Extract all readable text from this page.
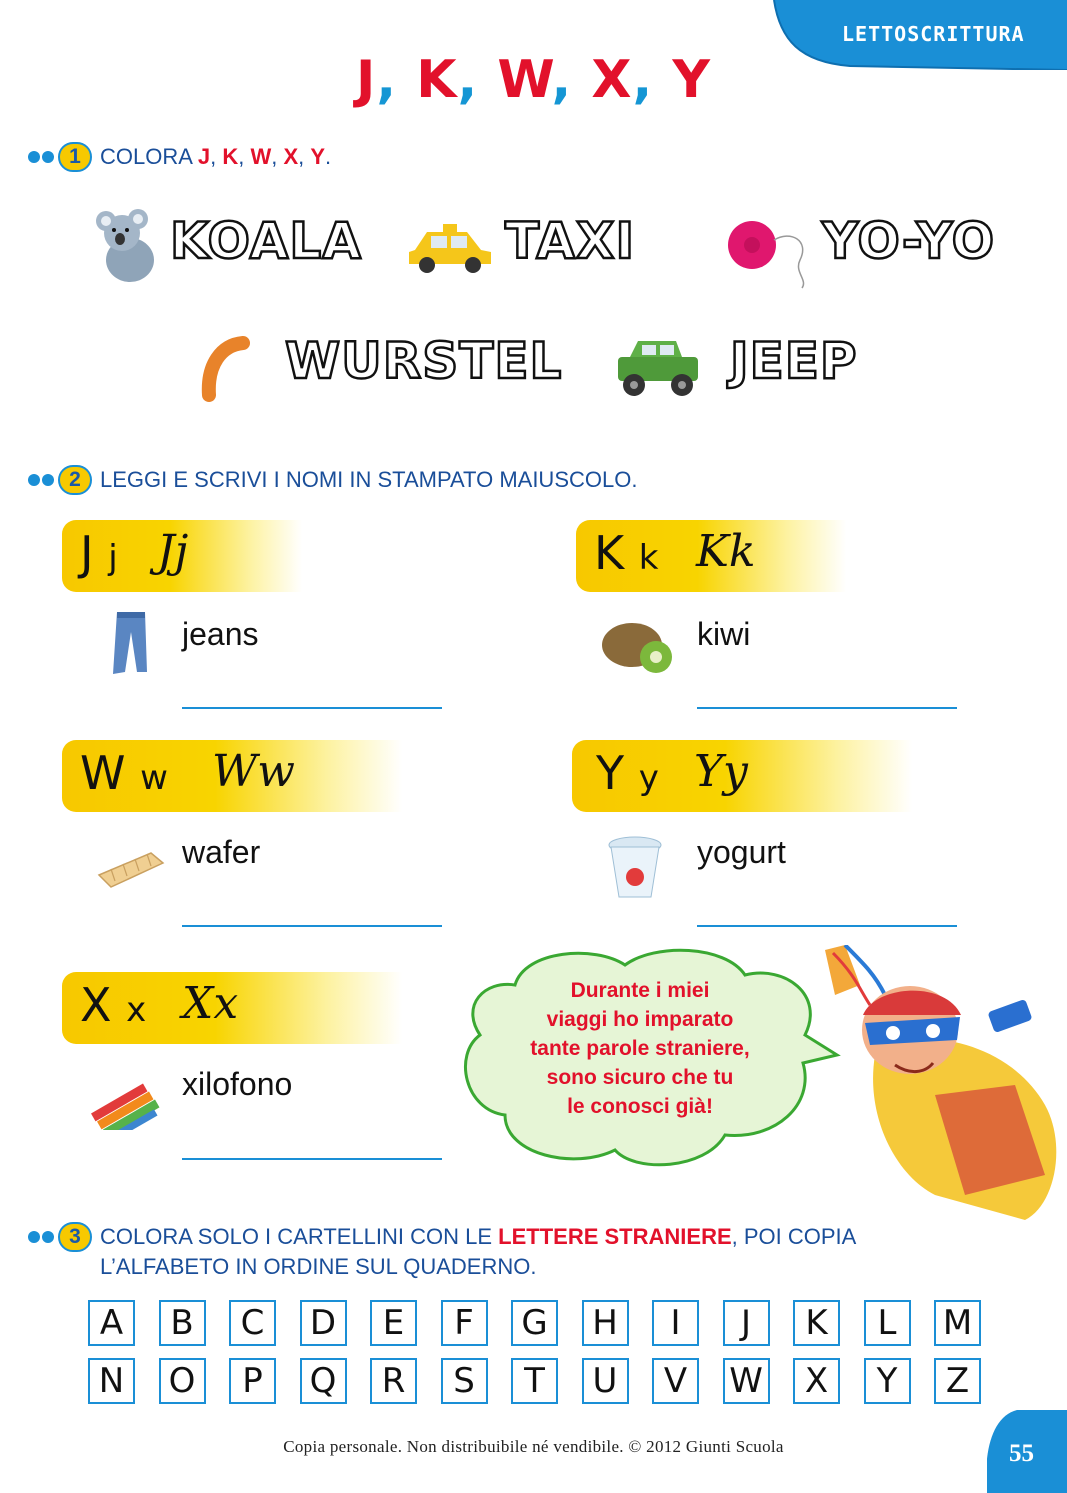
LETTOSCRITTURA
J, K, W, X, Y
1 COLORA J, K, W, X, Y.
KOALA	TAXI	YO-YO
WURSTEL	JEEP
2 LEGGI E SCRIVI I NOMI IN STAMPATO MAIUSCOLO.
J j Jj
jeans
K k Kk
kiwi
W w Ww
wafer
Y y Yy
yogurt
X x Xx
xilofono
Durante i miei
viaggi ho imparato
tante parole straniere,
sono sicuro che tu
le conosci già!
3 COLORA SOLO I CARTELLINI CON LE LETTERE STRANIERE, POI COPIA
L’ALFABETO IN ORDINE SUL QUADERNO.
A	B	C	D	E	F	G	H	I	J	K	L	M
N	O	P	Q	R	S	T	U	V	W	X	Y	Z
Copia personale. Non distribuibile né vendibile. © 2012 Giunti Scuola	55
